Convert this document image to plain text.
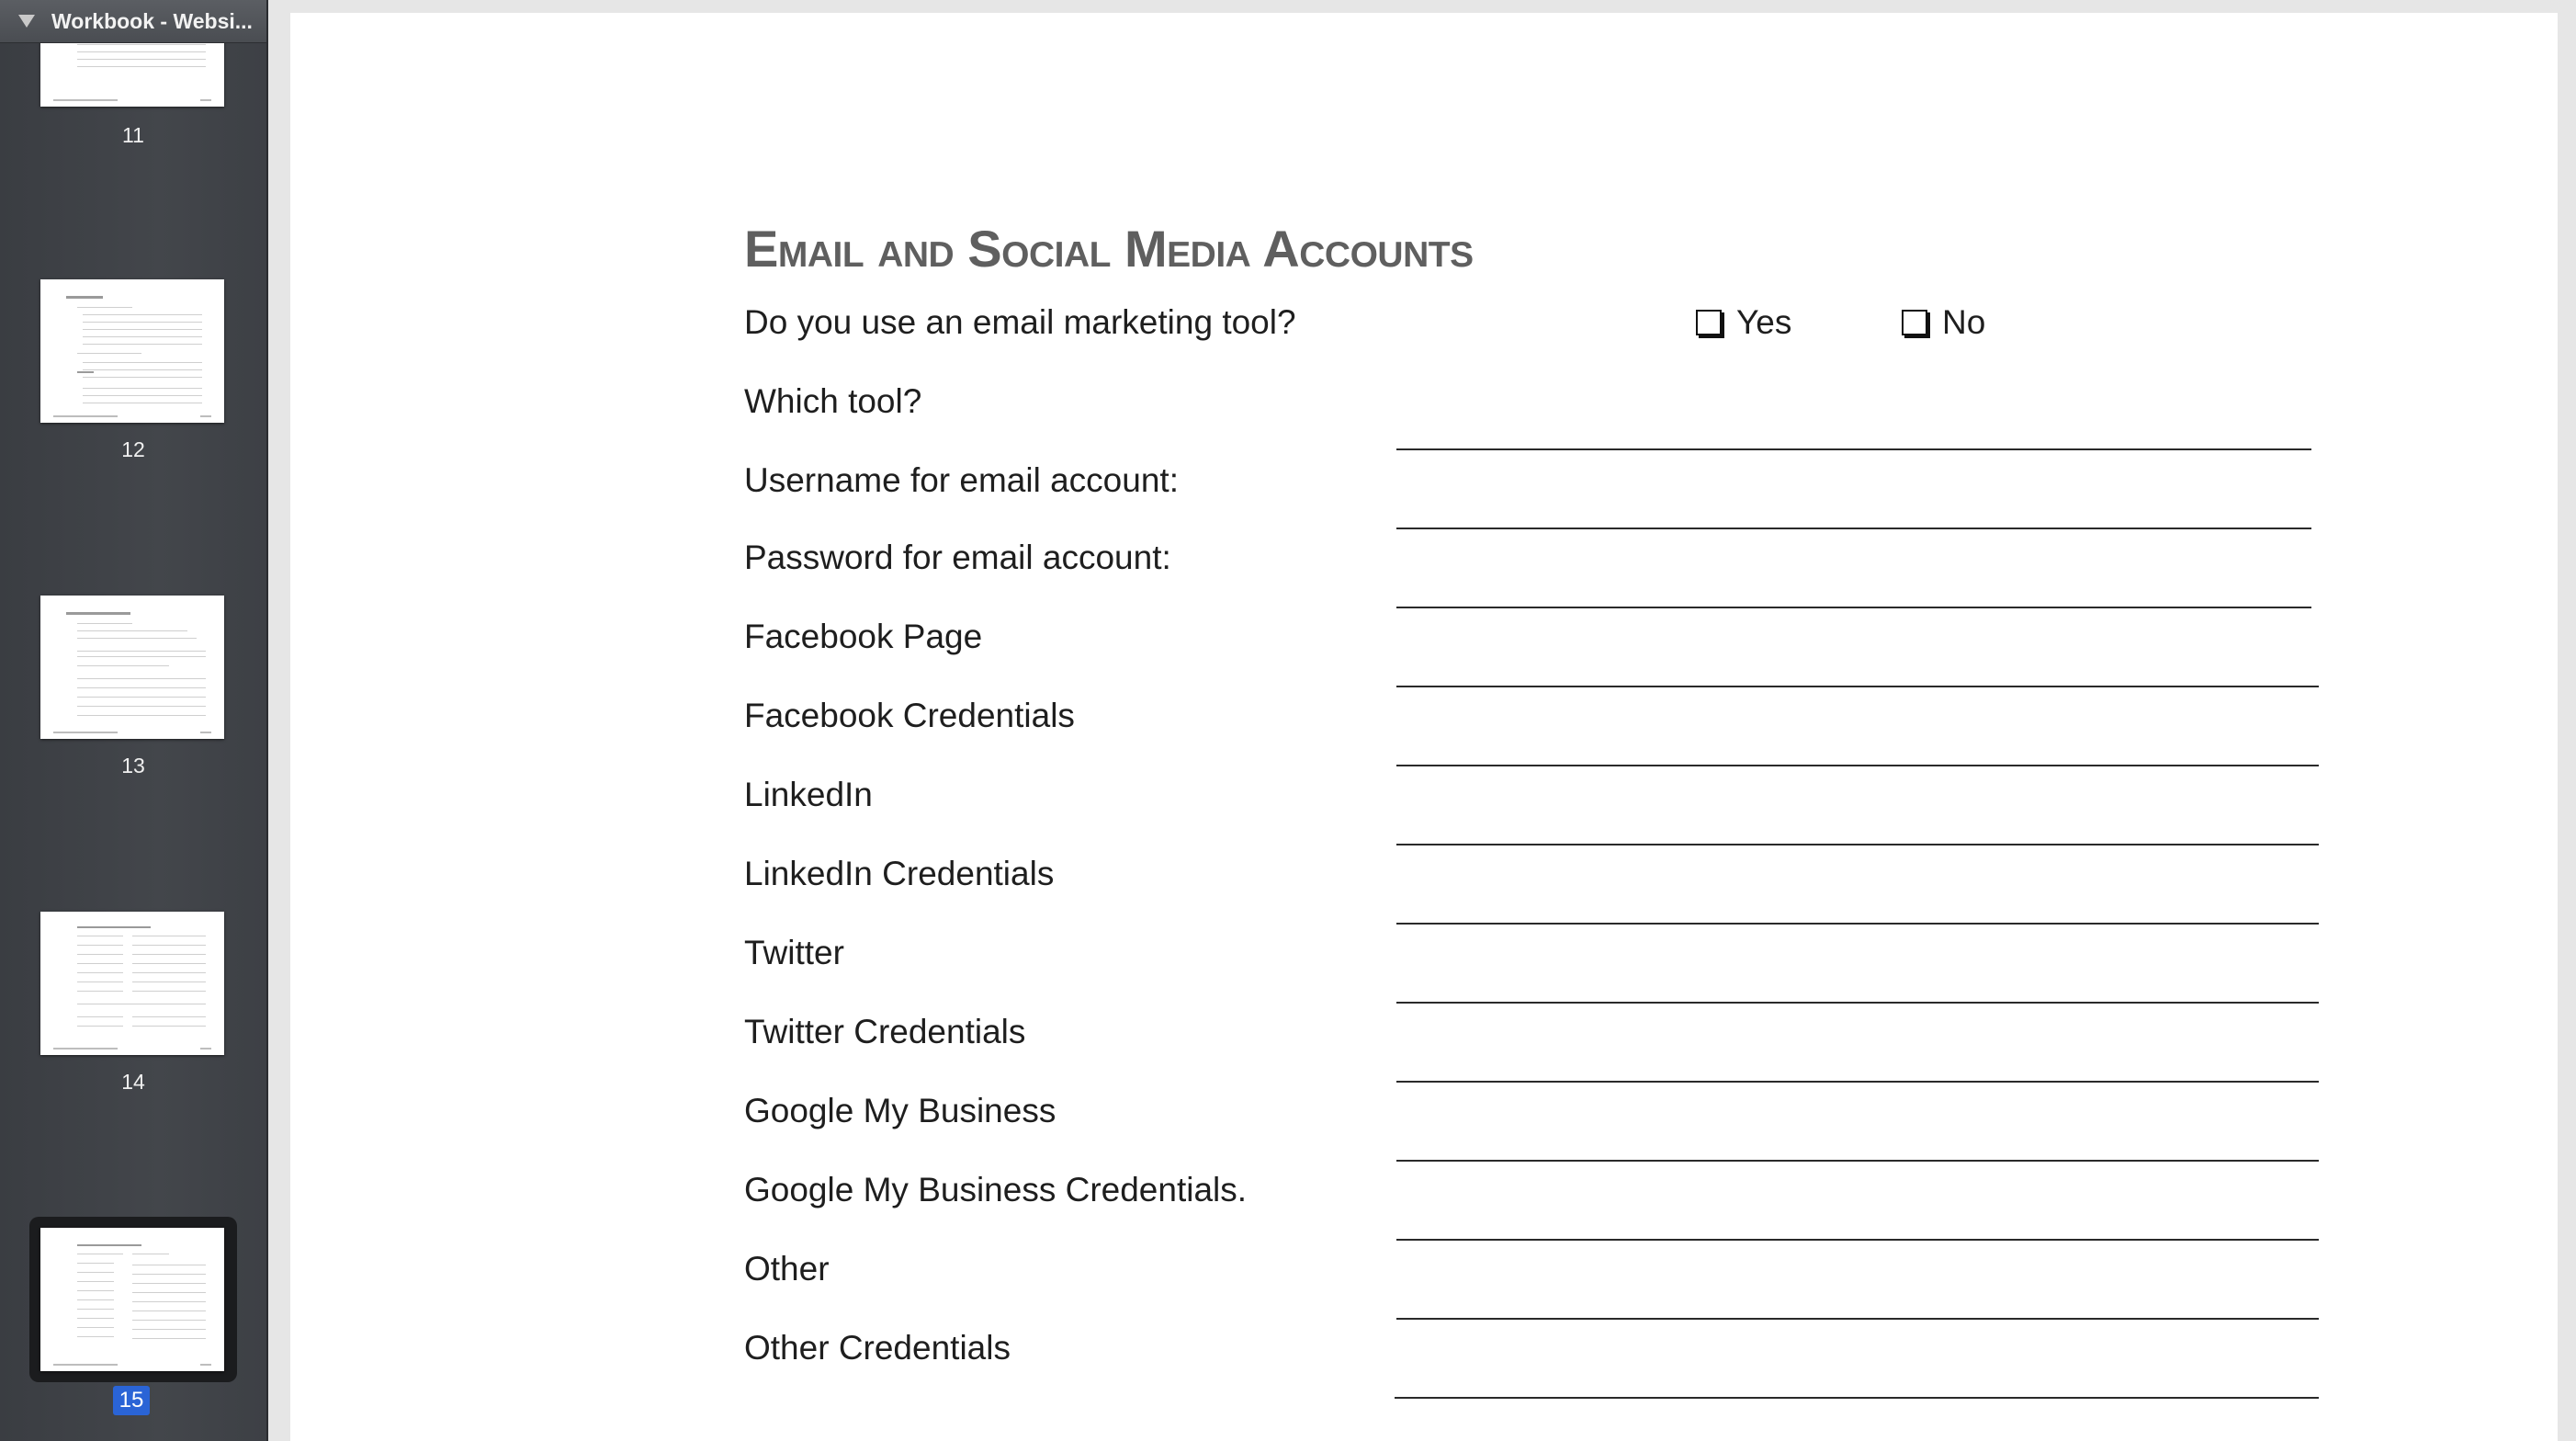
Workbook - Websi...
11
12
13
14
15
Email and Social Media Accounts
Do you use an email marketing tool?	Yes	No
Which tool?
Username for email account:
Password for email account:
Facebook Page
Facebook Credentials
LinkedIn
LinkedIn Credentials
Twitter
Twitter Credentials
Google My Business
Google My Business Credentials.
Other
Other Credentials
